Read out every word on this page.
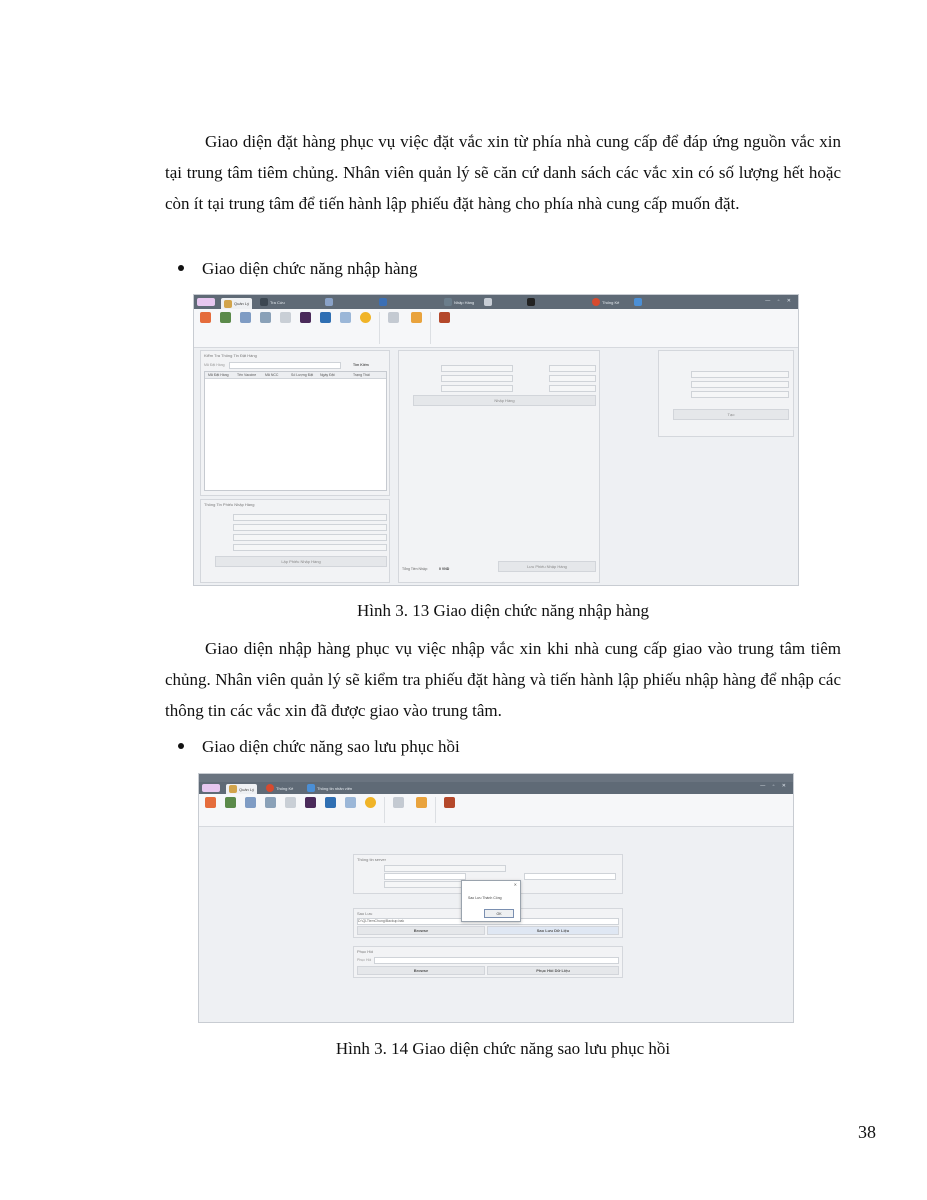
Giao diện đặt hàng phục vụ việc đặt vắc xin từ phía nhà cung cấp để đáp ứng nguồn vắc xin tại trung tâm tiêm chủng. Nhân viên quản lý sẽ căn cứ danh sách các vắc xin có số lượng hết hoặc còn ít tại trung tâm để tiến hành lập phiếu đặt hàng cho phía nhà cung cấp muốn đặt.

Giao diện chức năng nhập hàng
Quản Lý	Tra Cứu	Nhập Hàng	Thống Kê	— ▫ ✕
Kiểm Tra Thông Tin Đặt Hàng
Mã Đặt Hàng	Tìm Kiếm
Mã Đặt Hàng Tên Vaccine	Mã NCC	Số Lượng Đặt Ngày Đặt	Trạng Thái
Thông Tin Phiếu Nhập Hàng
Lập Phiếu Nhập Hàng
Nhập Hàng
Tổng Tiền Nhập:	0 VND	Lưu Phiếu Nhập Hàng
Tạo
Hình 3. 13 Giao diện chức năng nhập hàng

Giao diện nhập hàng phục vụ việc nhập vắc xin khi nhà cung cấp giao vào trung tâm tiêm chủng. Nhân viên quản lý sẽ kiểm tra phiếu đặt hàng và tiến hành lập phiếu nhập hàng để nhập các thông tin các vắc xin đã được giao vào trung tâm.

Giao diện chức năng sao lưu phục hồi
Quản Lý	Thống Kê	Thông tin nhân viên	— ▫ ✕
Thông tin server
Sao Lưu
D:\QLTiemChung\Backup.bak
Browse	Sao Lưu Dữ Liệu
Phục Hồi
Phục Hồi
Browse	Phục Hồi Dữ Liệu
✕
Sao Lưu Thành Công
OK
Hình 3. 14 Giao diện chức năng sao lưu phục hồi
38
